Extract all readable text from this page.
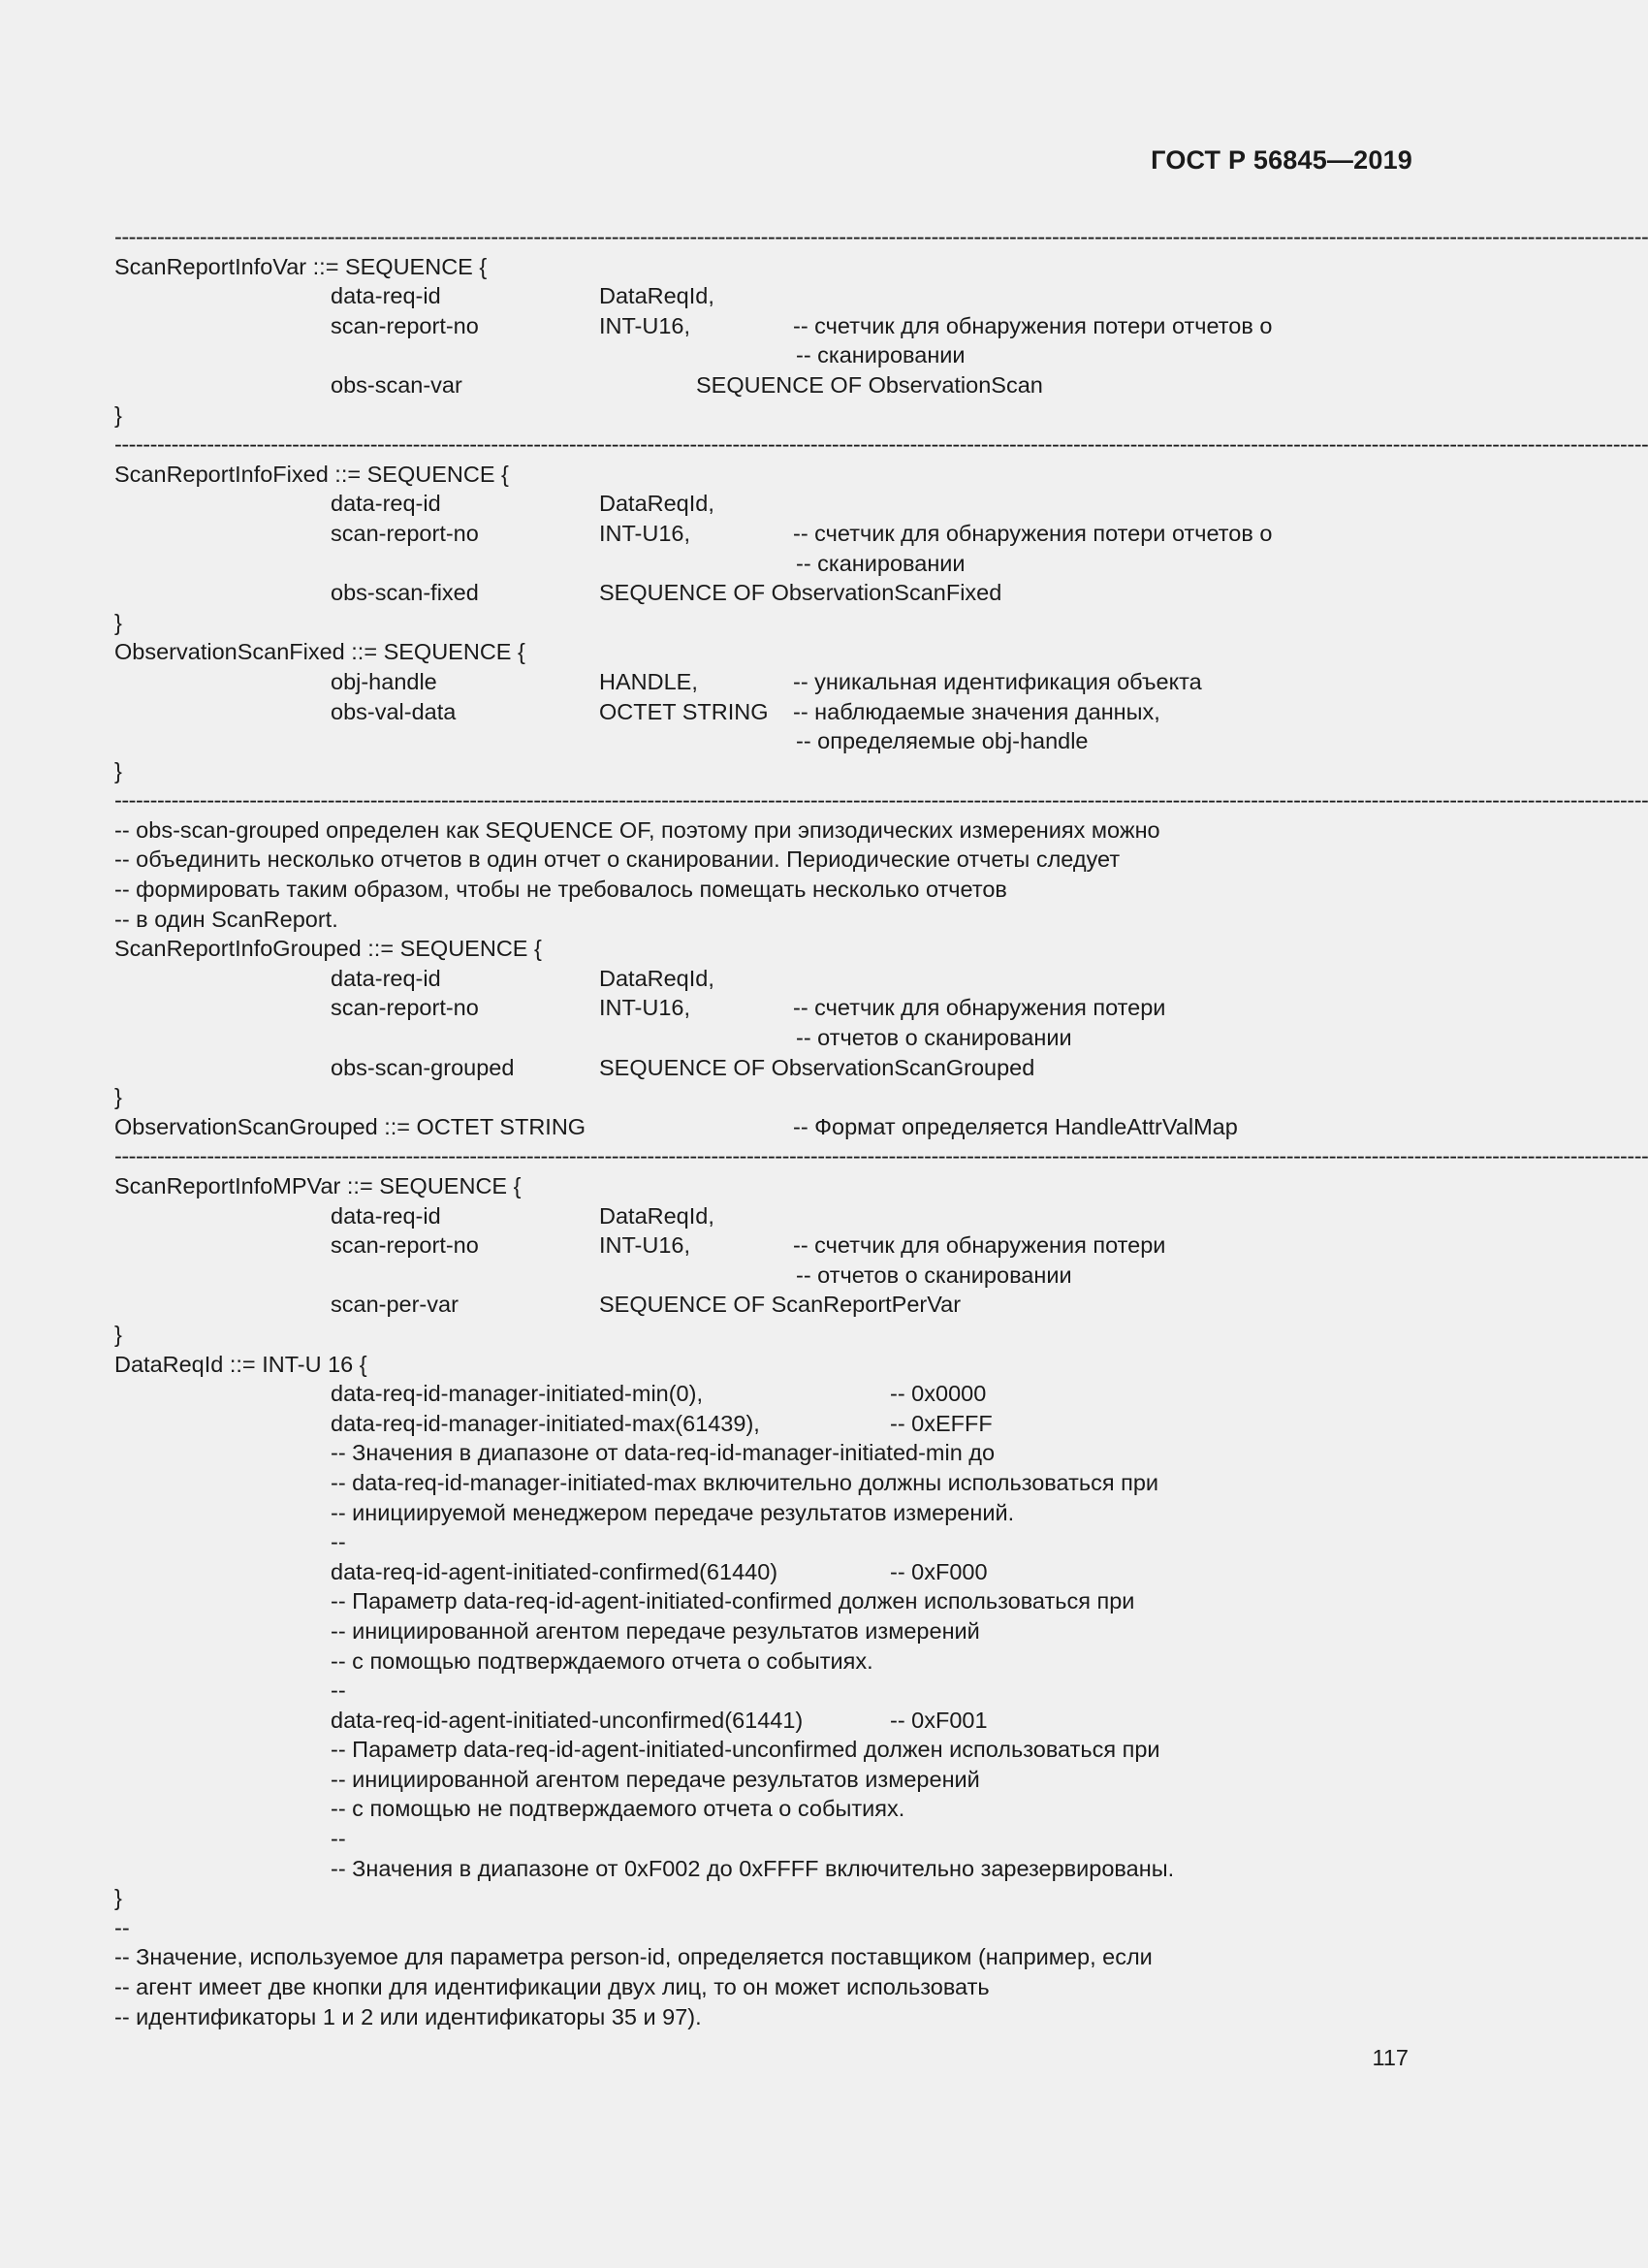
ГОСТ Р 56845—2019
------------------------------------------------------------------------------------------------------------------------------------------------------------------------------------------------------------------------
ScanReportInfoVar ::= SEQUENCE {
data-req-id	DataReqId,
scan-report-no	INT-U16,	-- счетчик для обнаружения потери отчетов о
-- сканировании
obs-scan-var	SEQUENCE OF ObservationScan
}
------------------------------------------------------------------------------------------------------------------------------------------------------------------------------------------------------------------------
ScanReportInfoFixed ::= SEQUENCE {
data-req-id	DataReqId,
scan-report-no	INT-U16,	-- счетчик для обнаружения потери отчетов о
-- сканировании
obs-scan-fixed	SEQUENCE OF ObservationScanFixed
}
ObservationScanFixed ::= SEQUENCE {
obj-handle	HANDLE,	-- уникальная идентификация объекта
obs-val-data	OCTET STRING -- наблюдаемые значения данных,
-- определяемые obj-handle
}
------------------------------------------------------------------------------------------------------------------------------------------------------------------------------------------------------------------------
-- obs-scan-grouped определен как SEQUENCE OF, поэтому при эпизодических измерениях можно
-- объединить несколько отчетов в один отчет о сканировании. Периодические отчеты следует
-- формировать таким образом, чтобы не требовалось помещать несколько отчетов
-- в один ScanReport.
ScanReportInfoGrouped ::= SEQUENCE {
data-req-id	DataReqId,
scan-report-no	INT-U16,	-- счетчик для обнаружения потери
-- отчетов о сканировании
obs-scan-grouped	SEQUENCE OF ObservationScanGrouped
}
ObservationScanGrouped ::= OCTET STRING	-- Формат определяется HandleAttrValMap
------------------------------------------------------------------------------------------------------------------------------------------------------------------------------------------------------------------------
ScanReportInfoMPVar ::= SEQUENCE {
data-req-id	DataReqId,
scan-report-no	INT-U16,	-- счетчик для обнаружения потери
-- отчетов о сканировании
scan-per-var	SEQUENCE OF ScanReportPerVar
}
DataReqId ::= INT-U 16 {
data-req-id-manager-initiated-min(0),	-- 0x0000
data-req-id-manager-initiated-max(61439),	-- 0xEFFF
-- Значения в диапазоне от data-req-id-manager-initiated-min до
-- data-req-id-manager-initiated-max включительно должны использоваться при
-- инициируемой менеджером передаче результатов измерений.
--
data-req-id-agent-initiated-confirmed(61440)	-- 0xF000
-- Параметр data-req-id-agent-initiated-confirmed должен использоваться при
-- инициированной агентом передаче результатов измерений
-- с помощью подтверждаемого отчета о событиях.
--
data-req-id-agent-initiated-unconfirmed(61441)	-- 0xF001
-- Параметр data-req-id-agent-initiated-unconfirmed должен использоваться при
-- инициированной агентом передаче результатов измерений
-- с помощью не подтверждаемого отчета о событиях.
--
-- Значения в диапазоне от 0xF002 до 0xFFFF включительно зарезервированы.
}
--
-- Значение, используемое для параметра person-id, определяется поставщиком (например, если
-- агент имеет две кнопки для идентификации двух лиц, то он может использовать
-- идентификаторы 1 и 2 или идентификаторы 35 и 97).
117
